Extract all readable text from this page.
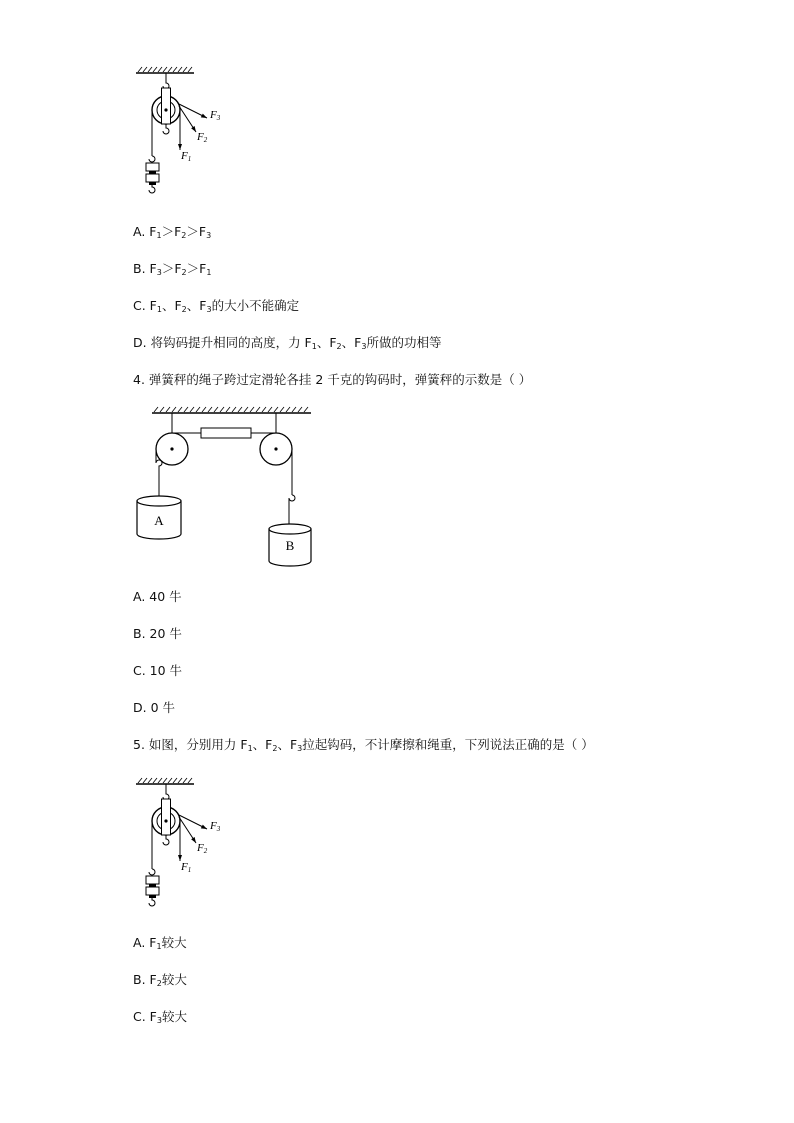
F3
F2
F1
A. $F_1>F_2>F_3$
B. $F_3>F_2>F_1$
C. $F_1$、$F_2$、$F_3$的大小不能确定
D. 将钩码提升相同的高度，力 $F_1$、$F_2$、$F_3$所做的功相等
4. 弹簧秤的绳子跨过定滑轮各挂 2 千克的钩码时，弹簧秤的示数是（ ）
A
B
A. 40 牛
B. 20 牛
C. 10 牛
D. 0 牛
5. 如图，分别用力 $F_1$、$F_2$、$F_3$拉起钩码，不计摩擦和绳重，下列说法正确的是（ ）
F3
F2
F1
A. $F_1$较大
B. $F_2$较大
C. $F_3$较大
